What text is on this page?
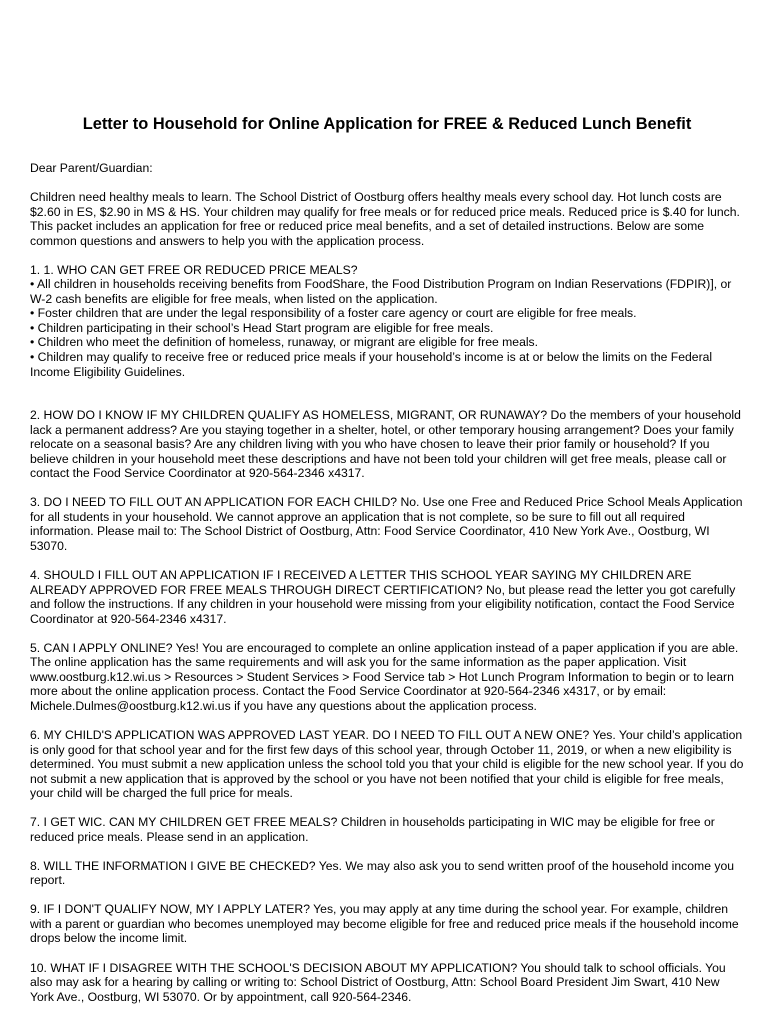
Letter to Household for Online Application for FREE & Reduced Lunch Benefit
Dear Parent/Guardian:
Children need healthy meals to learn. The School District of Oostburg offers healthy meals every school day. Hot lunch costs are $2.60 in ES, $2.90 in MS & HS. Your children may qualify for free meals or for reduced price meals. Reduced price is $.40 for lunch. This packet includes an application for free or reduced price meal benefits, and a set of detailed instructions. Below are some common questions and answers to help you with the application process.
1. 1. WHO CAN GET FREE OR REDUCED PRICE MEALS?
• All children in households receiving benefits from FoodShare, the Food Distribution Program on Indian Reservations (FDPIR)], or W-2 cash benefits are eligible for free meals, when listed on the application.
• Foster children that are under the legal responsibility of a foster care agency or court are eligible for free meals.
• Children participating in their school’s Head Start program are eligible for free meals.
• Children who meet the definition of homeless, runaway, or migrant are eligible for free meals.
• Children may qualify to receive free or reduced price meals if your household’s income is at or below the limits on the Federal Income Eligibility Guidelines.
2. HOW DO I KNOW IF MY CHILDREN QUALIFY AS HOMELESS, MIGRANT, OR RUNAWAY? Do the members of your household lack a permanent address? Are you staying together in a shelter, hotel, or other temporary housing arrangement? Does your family relocate on a seasonal basis? Are any children living with you who have chosen to leave their prior family or household? If you believe children in your household meet these descriptions and have not been told your children will get free meals, please call or contact the Food Service Coordinator at 920-564-2346 x4317.
3. DO I NEED TO FILL OUT AN APPLICATION FOR EACH CHILD? No. Use one Free and Reduced Price School Meals Application for all students in your household. We cannot approve an application that is not complete, so be sure to fill out all required information. Please mail to: The School District of Oostburg, Attn: Food Service Coordinator, 410 New York Ave., Oostburg, WI 53070.
4. SHOULD I FILL OUT AN APPLICATION IF I RECEIVED A LETTER THIS SCHOOL YEAR SAYING MY CHILDREN ARE ALREADY APPROVED FOR FREE MEALS THROUGH DIRECT CERTIFICATION? No, but please read the letter you got carefully and follow the instructions. If any children in your household were missing from your eligibility notification, contact the Food Service Coordinator at 920-564-2346 x4317.
5. CAN I APPLY ONLINE? Yes! You are encouraged to complete an online application instead of a paper application if you are able. The online application has the same requirements and will ask you for the same information as the paper application. Visit www.oostburg.k12.wi.us > Resources > Student Services > Food Service tab > Hot Lunch Program Information to begin or to learn more about the online application process. Contact the Food Service Coordinator at 920-564-2346 x4317, or by email: Michele.Dulmes@oostburg.k12.wi.us if you have any questions about the application process.
6. MY CHILD'S APPLICATION WAS APPROVED LAST YEAR. DO I NEED TO FILL OUT A NEW ONE? Yes. Your child’s application is only good for that school year and for the first few days of this school year, through October 11, 2019, or when a new eligibility is determined. You must submit a new application unless the school told you that your child is eligible for the new school year. If you do not submit a new application that is approved by the school or you have not been notified that your child is eligible for free meals, your child will be charged the full price for meals.
7. I GET WIC. CAN MY CHILDREN GET FREE MEALS? Children in households participating in WIC may be eligible for free or reduced price meals. Please send in an application.
8. WILL THE INFORMATION I GIVE BE CHECKED? Yes. We may also ask you to send written proof of the household income you report.
9. IF I DON'T QUALIFY NOW, MY I APPLY LATER? Yes, you may apply at any time during the school year. For example, children with a parent or guardian who becomes unemployed may become eligible for free and reduced price meals if the household income drops below the income limit.
10. WHAT IF I DISAGREE WITH THE SCHOOL'S DECISION ABOUT MY APPLICATION? You should talk to school officials. You also may ask for a hearing by calling or writing to: School District of Oostburg, Attn: School Board President Jim Swart, 410 New York Ave., Oostburg, WI 53070. Or by appointment, call 920-564-2346.
